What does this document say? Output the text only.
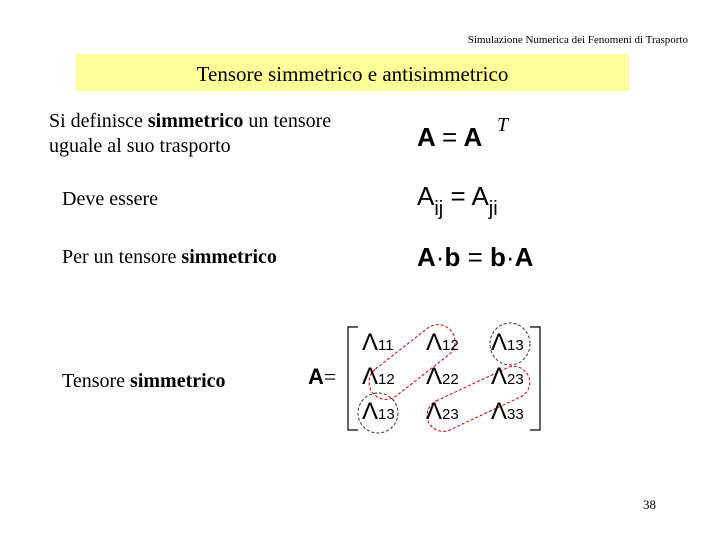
Simulazione Numerica dei Fenomeni di Trasporto
Tensore simmetrico e antisimmetrico
Si definisce simmetrico un tensore
uguale al suo trasporto	A = A T
Deve essere	$A_{ij} = A_{ji}$
Per un tensore simmetrico	A·b = b·A
Tensore simmetrico	A=
Λ11 Λ12 Λ13
Λ12 Λ22 Λ23
Λ13 Λ23 Λ33
38
